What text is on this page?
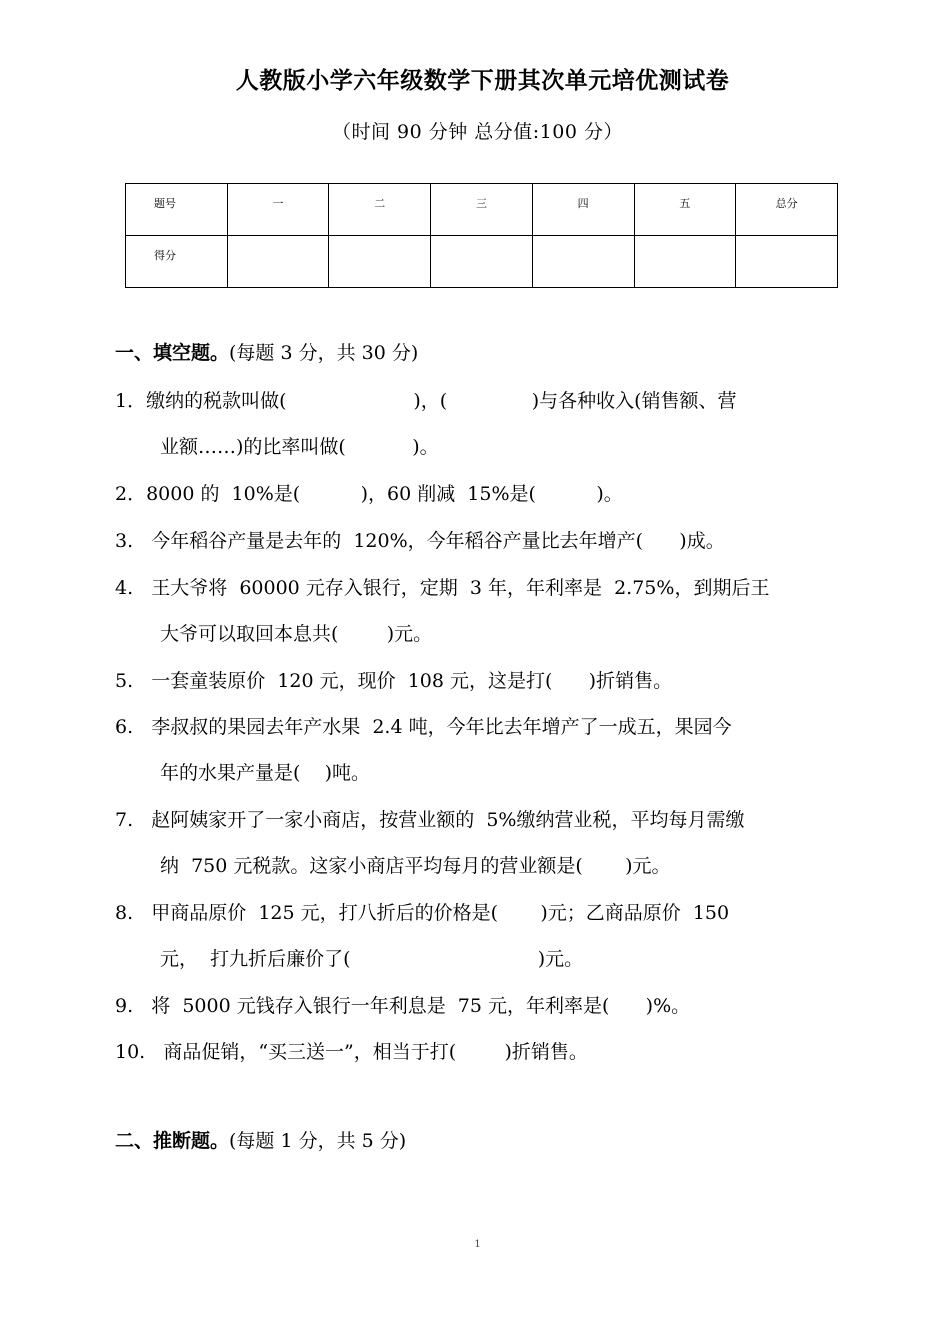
人教版小学六年级数学下册其次单元培优测试卷
（时间 90 分钟 总分值:100 分）
题号	一	二	三	四	五	总分
得分						
一、填空题。(每题 3 分，共 30 分)
1．缴纳的税款叫做(                     )，(              )与各种收入(销售额、营
业额……)的比率叫做(           )。
2．8000 的  10%是(          )，60 削减  15%是(          )。
3.   今年稻谷产量是去年的  120%，今年稻谷产量比去年增产(      )成。
4.   王大爷将  60000 元存入银行，定期  3 年，年利率是  2.75%，到期后王
大爷可以取回本息共(        )元。
5.   一套童装原价  120 元，现价  108 元，这是打(      )折销售。
6.   李叔叔的果园去年产水果  2.4 吨，今年比去年增产了一成五，果园今
年的水果产量是(    )吨。
7.   赵阿姨家开了一家小商店，按营业额的  5%缴纳营业税，平均每月需缴
纳  750 元税款。这家小商店平均每月的营业额是(       )元。
8.   甲商品原价  125 元，打八折后的价格是(       )元；乙商品原价  150
元，  打九折后廉价了(                               )元。
9.   将  5000 元钱存入银行一年利息是  75 元，年利率是(      )%。
10.   商品促销，“买三送一”，相当于打(        )折销售。
二、推断题。(每题 1 分，共 5 分)
1
